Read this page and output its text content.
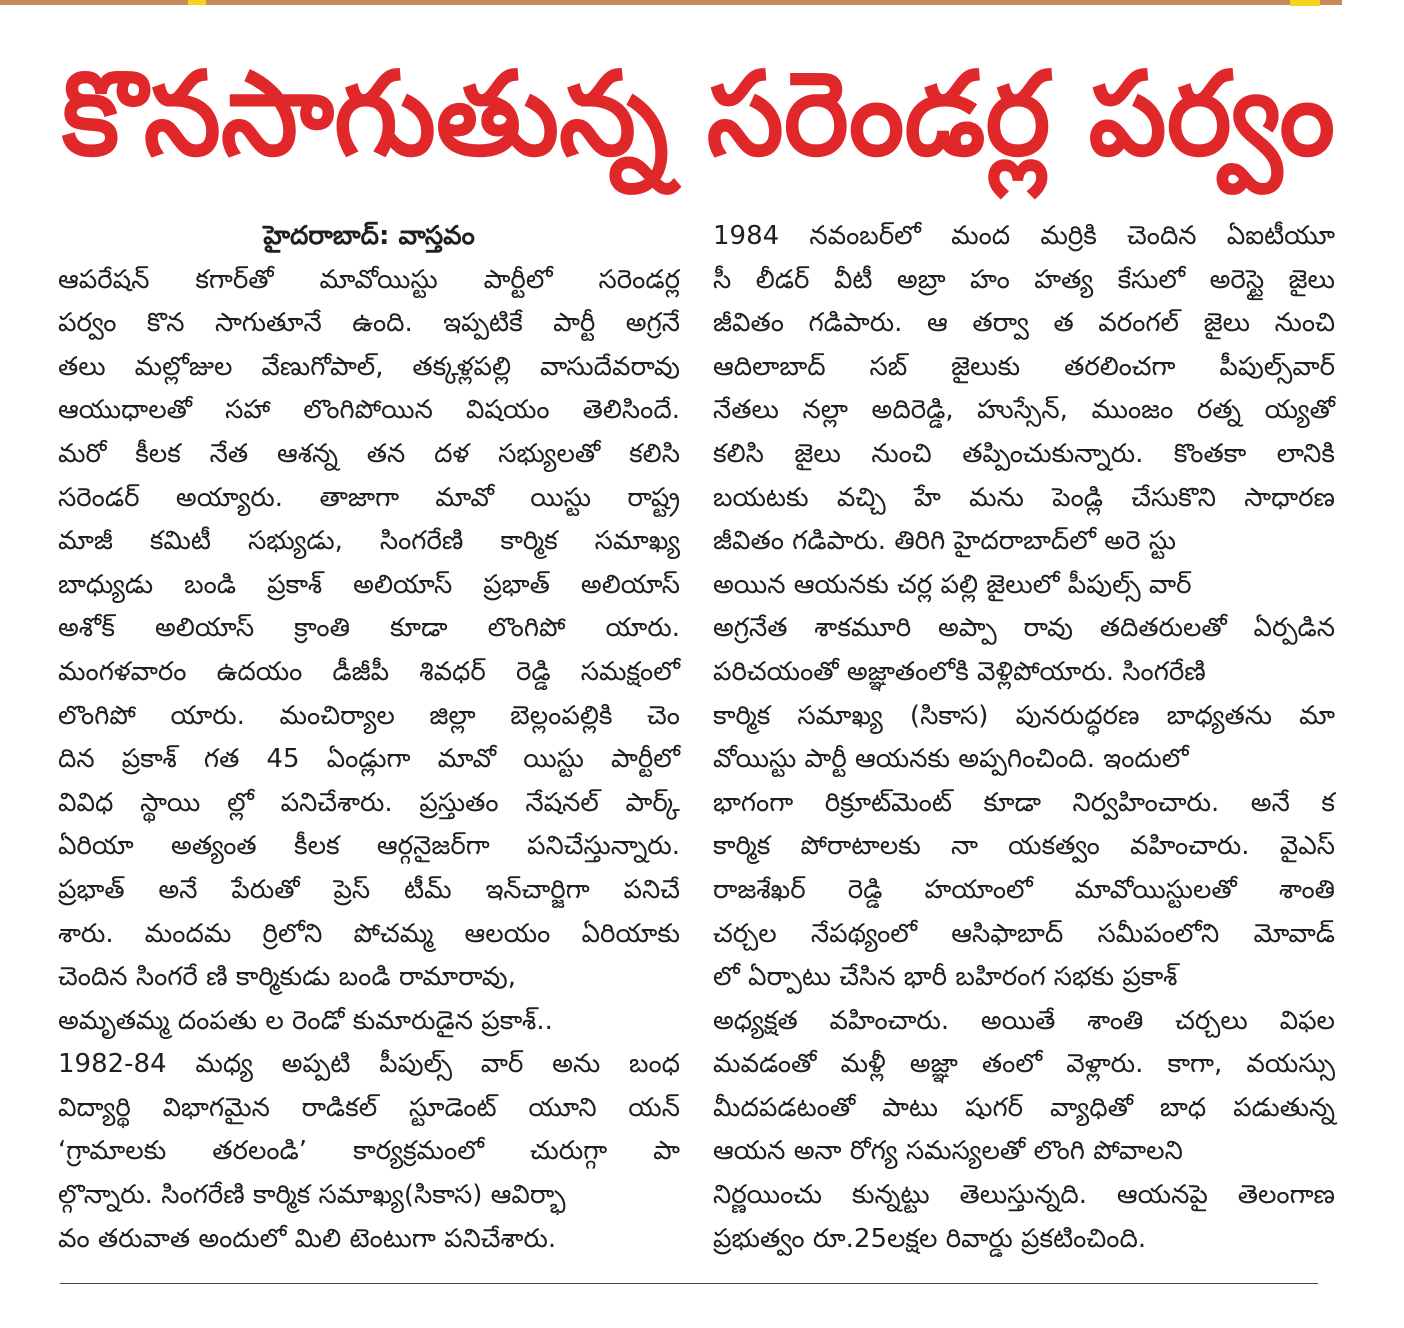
కొనసాగుతున్న సరెండర్ల పర్వం
హైదరాబాద్: వాస్తవం
ఆపరేషన్ కగార్‌తో మావోయిస్టు పార్టీలో సరెండర్ల
పర్వం కొన సాగుతూనే ఉంది. ఇప్పటికే పార్టీ అగ్రనే
తలు మల్లోజుల వేణుగోపాల్, తక్కళ్లపల్లి వాసుదేవరావు
ఆయుధాలతో సహా లొంగిపోయిన విషయం తెలిసిందే.
మరో కీలక నేత ఆశన్న తన దళ సభ్యులతో కలిసి
సరెండర్ అయ్యారు. తాజాగా మావో యిస్టు రాష్ట్ర
మాజీ కమిటీ సభ్యుడు, సింగరేణి కార్మిక సమాఖ్య
బాధ్యుడు బండి ప్రకాశ్ అలియాస్ ప్రభాత్ అలియాస్
అశోక్ అలియాస్ క్రాంతి కూడా లొంగిపో యారు.
మంగళవారం ఉదయం డీజీపీ శివధర్ రెడ్డి సమక్షంలో
లొంగిపో యారు. మంచిర్యాల జిల్లా బెల్లంపల్లికి చెం
దిన ప్రకాశ్ గత 45 ఏండ్లుగా మావో యిస్టు పార్టీలో
వివిధ స్థాయి ల్లో పనిచేశారు. ప్రస్తుతం నేషనల్ పార్క్
ఏరియా అత్యంత కీలక ఆర్గనైజర్‌గా పనిచేస్తున్నారు.
ప్రభాత్ అనే పేరుతో ప్రెస్ టీమ్ ఇన్‌చార్జిగా పనిచే
శారు. మందమ ర్రిలోని పోచమ్మ ఆలయం ఏరియాకు
చెందిన సింగరే ణి కార్మికుడు బండి రామారావు,
అమృతమ్మ దంపతు ల రెండో కుమారుడైన ప్రకాశ్..
1982-84 మధ్య అప్పటి పీపుల్స్ వార్ అను బంధ
విద్యార్థి విభాగమైన రాడికల్ స్టూడెంట్ యూని యన్
‘గ్రామాలకు తరలండి’ కార్యక్రమంలో చురుగ్గా పా
ల్గొన్నారు. సింగరేణి కార్మిక సమాఖ్య(సికాస) ఆవిర్భా
వం తరువాత అందులో మిలి టెంటుగా పనిచేశారు.
1984 నవంబర్‌లో మంద మర్రికి చెందిన ఏఐటీయూ
సీ లీడర్ వీటీ అబ్రా హం హత్య కేసులో అరెస్టై జైలు
జీవితం గడిపారు. ఆ తర్వా త వరంగల్ జైలు నుంచి
ఆదిలాబాద్ సబ్ జైలుకు తరలించగా పీపుల్స్‌వార్
నేతలు నల్లా అదిరెడ్డి, హుస్సేన్, ముంజం రత్న య్యతో
కలిసి జైలు నుంచి తప్పించుకున్నారు. కొంతకా లానికి
బయటకు వచ్చి హే మను పెండ్లి చేసుకొని సాధారణ
జీవితం గడిపారు. తిరిగి హైదరాబాద్‌లో అరె స్టు
అయిన ఆయనకు చర్ల పల్లి జైలులో పీపుల్స్ వార్
అగ్రనేత శాకమూరి అప్పా రావు తదితరులతో ఏర్పడిన
పరిచయంతో అజ్ఞాతంలోకి వెళ్లిపోయారు. సింగరేణి
కార్మిక సమాఖ్య (సికాస) పునరుద్ధరణ బాధ్యతను మా
వోయిస్టు పార్టీ ఆయనకు అప్పగించింది. ఇందులో
భాగంగా రిక్రూట్‌మెంట్ కూడా నిర్వహించారు. అనే క
కార్మిక పోరాటాలకు నా యకత్వం వహించారు. వైఎస్
రాజశేఖర్ రెడ్డి హయాంలో మావోయిస్టులతో శాంతి
చర్చల నేపథ్యంలో ఆసిఫాబాద్ సమీపంలోని మోవాడ్
లో ఏర్పాటు చేసిన భారీ బహిరంగ సభకు ప్రకాశ్
అధ్యక్షత వహించారు. అయితే శాంతి చర్చలు విఫల
మవడంతో మళ్లీ అజ్ఞా తంలో వెళ్లారు. కాగా, వయస్సు
మీదపడటంతో పాటు షుగర్ వ్యాధితో బాధ పడుతున్న
ఆయన అనా రోగ్య సమస్యలతో లొంగి పోవాలని
నిర్ణయించు కున్నట్టు తెలుస్తున్నది. ఆయనపై తెలంగాణ
ప్రభుత్వం రూ.25లక్షల రివార్డు ప్రకటించింది.
